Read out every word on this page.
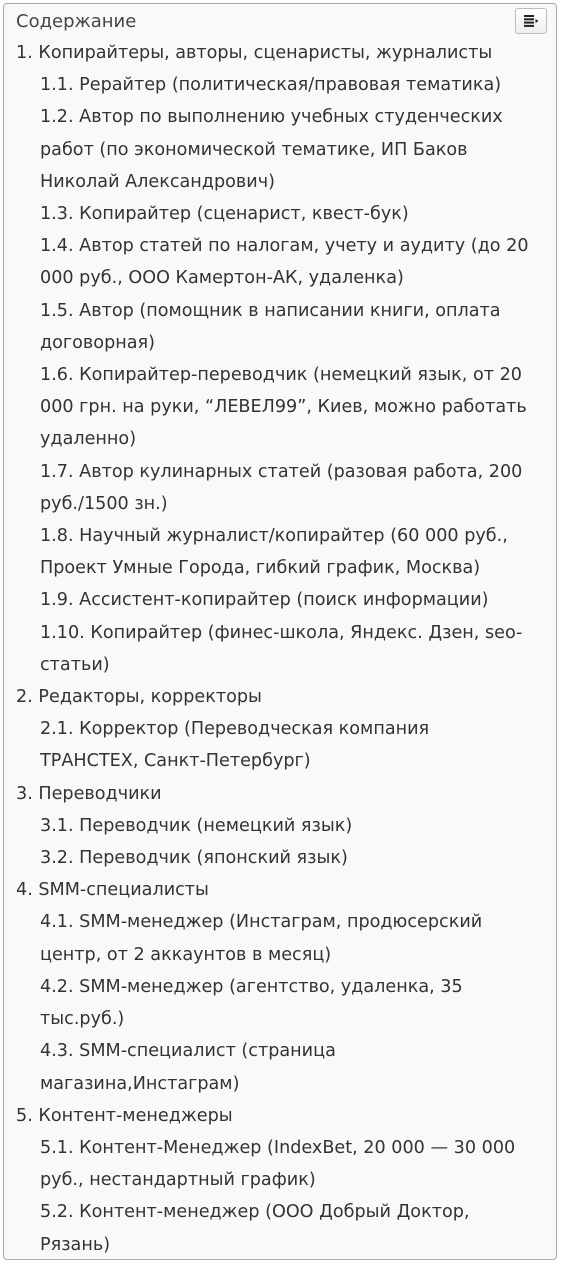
Содержание
1. Копирайтеры, авторы, сценаристы, журналисты
1.1. Рерайтер (политическая/правовая тематика)
1.2. Автор по выполнению учебных студенческих
работ (по экономической тематике, ИП Баков
Николай Александрович)
1.3. Копирайтер (сценарист, квест-бук)
1.4. Автор статей по налогам, учету и аудиту (до 20
000 руб., ООО Камертон-АК, удаленка)
1.5. Автор (помощник в написании книги, оплата
договорная)
1.6. Копирайтер-переводчик (немецкий язык, от 20
000 грн. на руки, “ЛЕВЕЛ99”, Киев, можно работать
удаленно)
1.7. Автор кулинарных статей (разовая работа, 200
руб./1500 зн.)
1.8. Научный журналист/копирайтер (60 000 руб.,
Проект Умные Города, гибкий график, Москва)
1.9. Ассистент-копирайтер (поиск информации)
1.10. Копирайтер (финес-школа, Яндекс. Дзен, seo-
статьи)
2. Редакторы, корректоры
2.1. Корректор (Переводческая компания
ТРАНСТЕХ, Санкт-Петербург)
3. Переводчики
3.1. Переводчик (немецкий язык)
3.2. Переводчик (японский язык)
4. SMM-специалисты
4.1. SMM-менеджер (Инстаграм, продюсерский
центр, от 2 аккаунтов в месяц)
4.2. SMM-менеджер (агентство, удаленка, 35
тыс.руб.)
4.3. SMM-специалист (страница
магазина,Инстаграм)
5. Контент-менеджеры
5.1. Контент-Менеджер (IndexBet, 20 000 — 30 000
руб., нестандартный график)
5.2. Контент-менеджер (ООО Добрый Доктор,
Рязань)
